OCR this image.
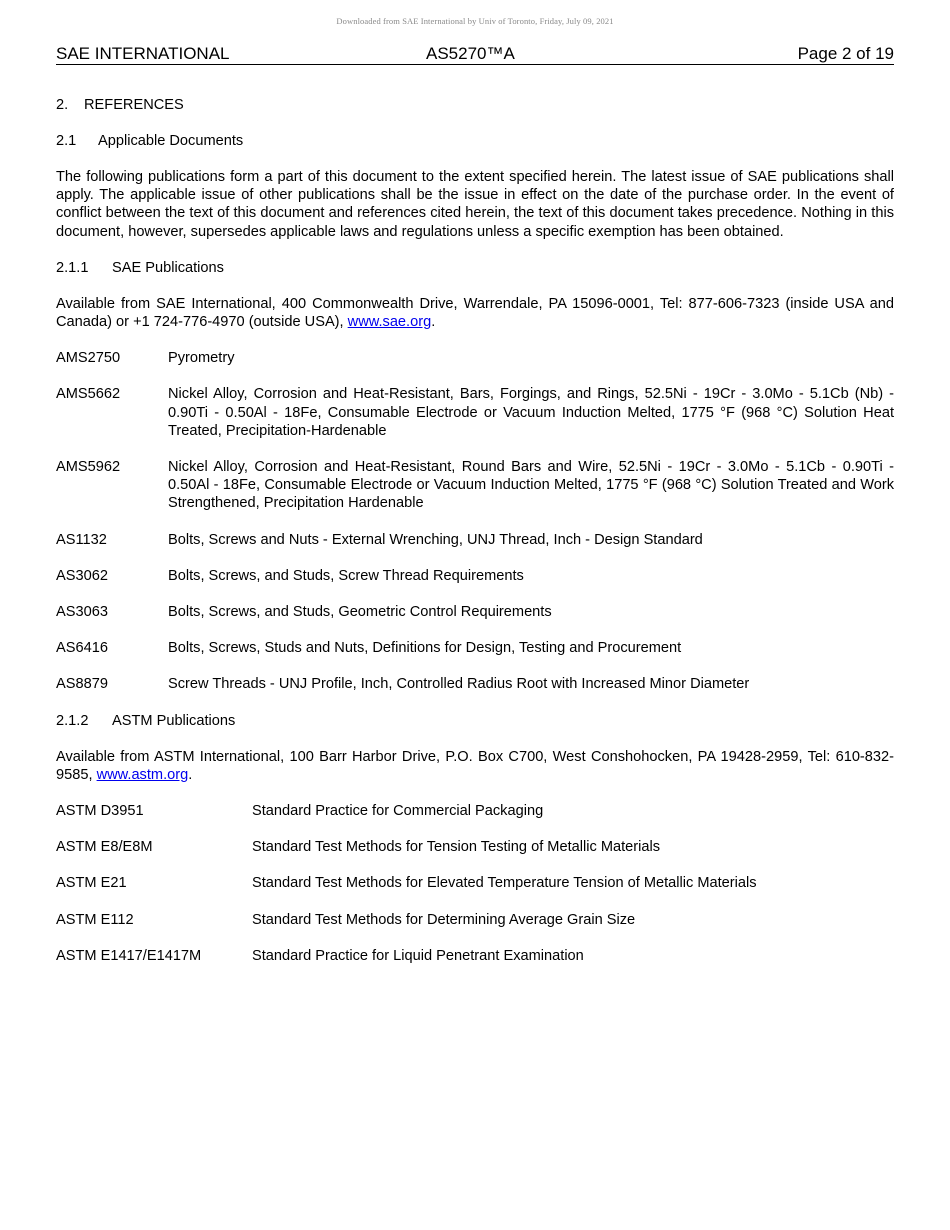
Downloaded from SAE International by Univ of Toronto, Friday, July 09, 2021
SAE INTERNATIONAL	AS5270™A	Page 2 of 19
2. REFERENCES
2.1 Applicable Documents

The following publications form a part of this document to the extent specified herein. The latest issue of SAE publications shall apply. The applicable issue of other publications shall be the issue in effect on the date of the purchase order. In the event of conflict between the text of this document and references cited herein, the text of this document takes precedence. Nothing in this document, however, supersedes applicable laws and regulations unless a specific exemption has been obtained.

2.1.1 SAE Publications

Available from SAE International, 400 Commonwealth Drive, Warrendale, PA 15096-0001, Tel: 877-606-7323 (inside USA and Canada) or +1 724-776-4970 (outside USA), www.sae.org.

AMS2750	Pyrometry
AMS5662	Nickel Alloy, Corrosion and Heat-Resistant, Bars, Forgings, and Rings, 52.5Ni - 19Cr - 3.0Mo - 5.1Cb (Nb) - 0.90Ti - 0.50Al - 18Fe, Consumable Electrode or Vacuum Induction Melted, 1775 °F (968 °C) Solution Heat Treated, Precipitation-Hardenable
AMS5962	Nickel Alloy, Corrosion and Heat-Resistant, Round Bars and Wire, 52.5Ni - 19Cr - 3.0Mo - 5.1Cb - 0.90Ti - 0.50Al - 18Fe, Consumable Electrode or Vacuum Induction Melted, 1775 °F (968 °C) Solution Treated and Work Strengthened, Precipitation Hardenable
AS1132	Bolts, Screws and Nuts - External Wrenching, UNJ Thread, Inch - Design Standard
AS3062	Bolts, Screws, and Studs, Screw Thread Requirements
AS3063	Bolts, Screws, and Studs, Geometric Control Requirements
AS6416	Bolts, Screws, Studs and Nuts, Definitions for Design, Testing and Procurement
AS8879	Screw Threads - UNJ Profile, Inch, Controlled Radius Root with Increased Minor Diameter
2.1.2 ASTM Publications

Available from ASTM International, 100 Barr Harbor Drive, P.O. Box C700, West Conshohocken, PA 19428-2959, Tel: 610-832-9585, www.astm.org.

ASTM D3951	Standard Practice for Commercial Packaging
ASTM E8/E8M	Standard Test Methods for Tension Testing of Metallic Materials
ASTM E21	Standard Test Methods for Elevated Temperature Tension of Metallic Materials
ASTM E112	Standard Test Methods for Determining Average Grain Size
ASTM E1417/E1417M	Standard Practice for Liquid Penetrant Examination
